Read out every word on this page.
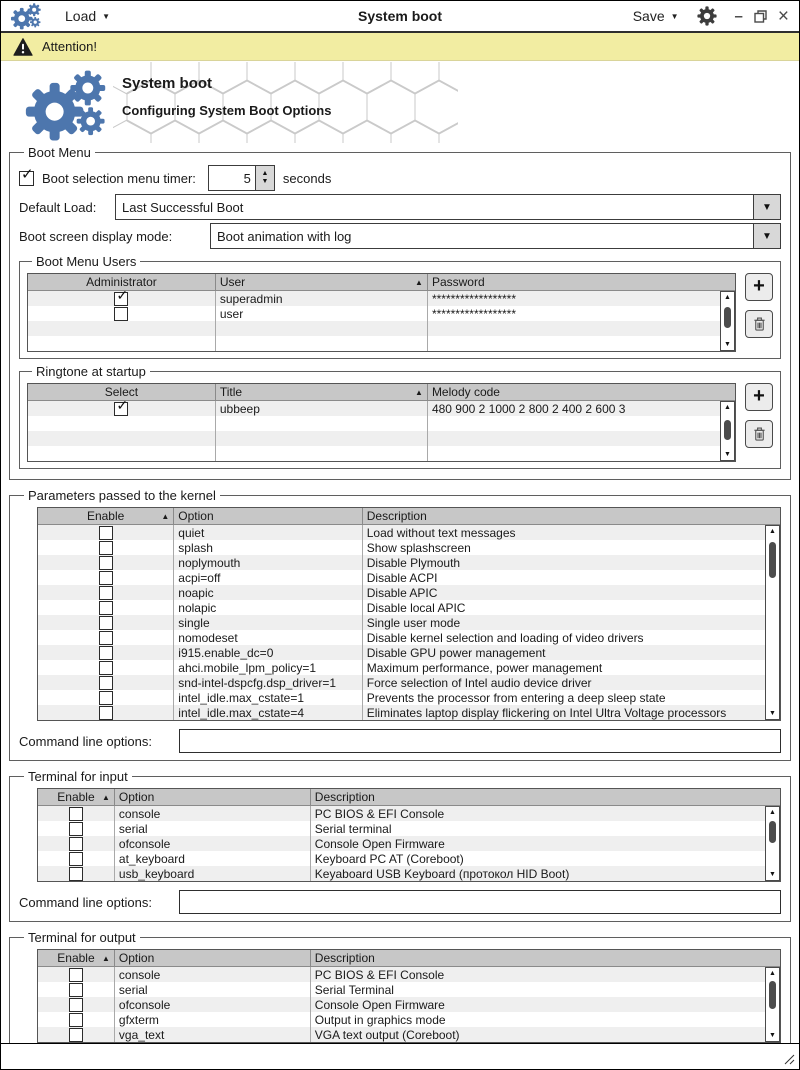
Load ▼	System boot	Save ▼	– ×
Attention!
System boot
Configuring System Boot Options
Boot Menu
✓ Boot selection menu timer:	5	▲
▼ seconds
Default Load:	Last Successful Boot	▼
Boot screen display mode:	Boot animation with log	▼
Boot Menu Users
Administrator	User ▲	Password

✓	superadmin	******************
	user	******************

▲
▼
+
Ringtone at startup
Select	Title ▲	Melody code

✓	ubbeep	480 900 2 1000 2 800 2 400 2 600 3

			▲
▼
+
Parameters passed to the kernel
Enable ▲	Option	Description
	quiet	Load without text messages
	splash	Show splashscreen
	noplymouth	Disable Plymouth
	acpi=off	Disable ACPI
	noapic	Disable APIC
	nolapic	Disable local APIC
	single	Single user mode
	nomodeset	Disable kernel selection and loading of video drivers
	i915.enable_dc=0	Disable GPU power management
	ahci.mobile_lpm_policy=1	Maximum performance, power management
	snd-intel-dspcfg.dsp_driver=1	Force selection of Intel audio device driver
	intel_idle.max_cstate=1	Prevents the processor from entering a deep sleep state
	intel_idle.max_cstate=4	Eliminates laptop display flickering on Intel Ultra Voltage processors
▲
▼
Command line options:
Terminal for input
Enable ▲	Option	Description
	console	PC BIOS & EFI Console
	serial	Serial terminal
	ofconsole	Console Open Firmware
	at_keyboard	Keyboard PC AT (Coreboot)
	usb_keyboard	Keyaboard USB Keyboard (протокол HID Boot)
▲
▼
Command line options:
Terminal for output
Enable ▲	Option	Description
	console	PC BIOS & EFI Console
	serial	Serial Terminal
	ofconsole	Console Open Firmware
	gfxterm	Output in graphics mode
	vga_text	VGA text output (Coreboot)
▲
▼
